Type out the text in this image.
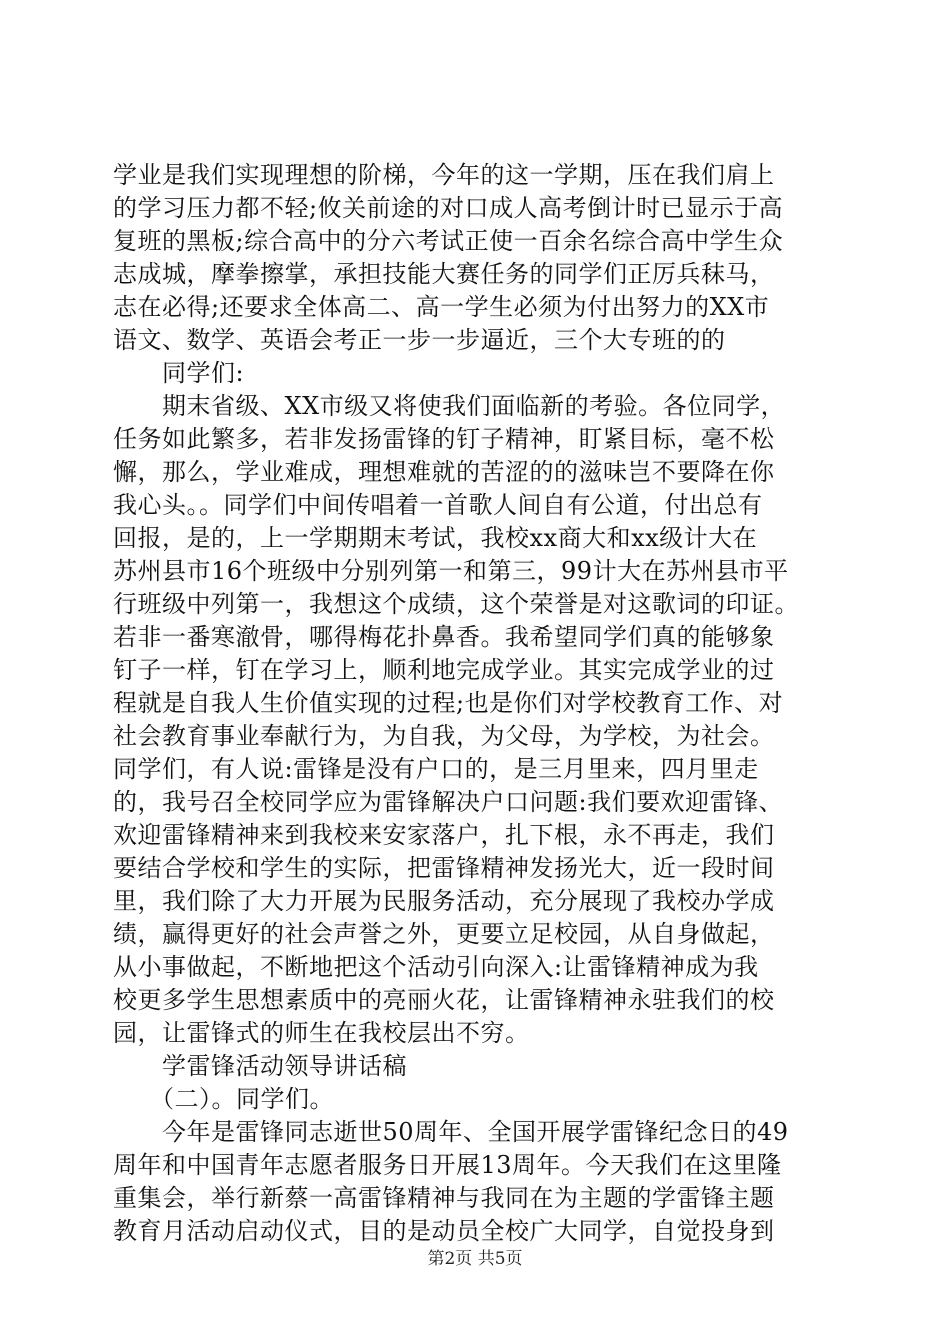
学业是我们实现理想的阶梯，今年的这一学期，压在我们肩上
的学习压力都不轻;攸关前途的对口成人高考倒计时已显示于高
复班的黑板;综合高中的分六考试正使一百余名综合高中学生众
志成城，摩拳擦掌，承担技能大赛任务的同学们正厉兵秣马，
志在必得;还要求全体高二、高一学生必须为付出努力的XX市
语文、数学、英语会考正一步一步逼近，三个大专班的的
　　同学们:
　　期末省级、XX市级又将使我们面临新的考验。各位同学，
任务如此繁多，若非发扬雷锋的钉子精神，盯紧目标，毫不松
懈，那么，学业难成，理想难就的苦涩的的滋味岂不要降在你
我心头。。同学们中间传唱着一首歌人间自有公道，付出总有
回报，是的，上一学期期末考试，我校xx商大和xx级计大在
苏州县市16个班级中分别列第一和第三，99计大在苏州县市平
行班级中列第一，我想这个成绩，这个荣誉是对这歌词的印证。
若非一番寒澈骨，哪得梅花扑鼻香。我希望同学们真的能够象
钉子一样，钉在学习上，顺利地完成学业。其实完成学业的过
程就是自我人生价值实现的过程;也是你们对学校教育工作、对
社会教育事业奉献行为，为自我，为父母，为学校，为社会。
同学们，有人说:雷锋是没有户口的，是三月里来，四月里走
的，我号召全校同学应为雷锋解决户口问题:我们要欢迎雷锋、
欢迎雷锋精神来到我校来安家落户，扎下根，永不再走，我们
要结合学校和学生的实际，把雷锋精神发扬光大，近一段时间
里，我们除了大力开展为民服务活动，充分展现了我校办学成
绩，赢得更好的社会声誉之外，更要立足校园，从自身做起，
从小事做起，不断地把这个活动引向深入:让雷锋精神成为我
校更多学生思想素质中的亮丽火花，让雷锋精神永驻我们的校
园，让雷锋式的师生在我校层出不穷。
　　学雷锋活动领导讲话稿
　　（二）。同学们。
　　今年是雷锋同志逝世50周年、全国开展学雷锋纪念日的49
周年和中国青年志愿者服务日开展13周年。今天我们在这里隆
重集会，举行新蔡一高雷锋精神与我同在为主题的学雷锋主题
教育月活动启动仪式，目的是动员全校广大同学，自觉投身到
第2页 共5页
